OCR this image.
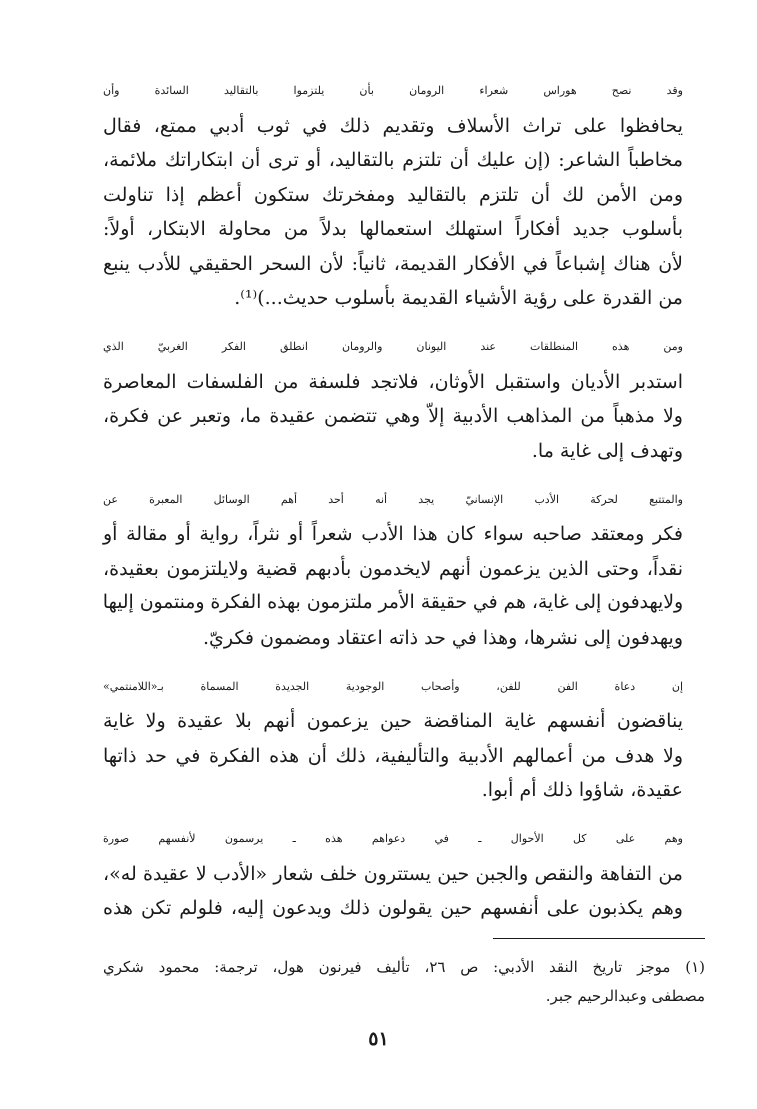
وقد نصح هوراس شعراء الرومان بأن يلتزموا بالتقاليد السائدة وأن
يحافظوا على تراث الأسلاف وتقديم ذلك في ثوب أدبي ممتع، فقال
مخاطباً الشاعر: (إن عليك أن تلتزم بالتقاليد، أو ترى أن ابتكاراتك ملائمة،
ومن الأمن لك أن تلتزم بالتقاليد ومفخرتك ستكون أعظم إذا تناولت
بأسلوب جديد أفكاراً استهلك استعمالها بدلاً من محاولة الابتكار، أولاً:
لأن هناك إشباعاً في الأفكار القديمة، ثانياً: لأن السحر الحقيقي للأدب ينبع
من القدرة على رؤية الأشياء القديمة بأسلوب حديث...)⁽¹⁾.

ومن هذه المنطلقات عند اليونان والرومان انطلق الفكر الغربيّ الذي
استدبر الأديان واستقبل الأوثان، فلاتجد فلسفة من الفلسفات المعاصرة
ولا مذهباً من المذاهب الأدبية إلاّ وهي تتضمن عقيدة ما، وتعبر عن فكرة،
وتهدف إلى غاية ما.

والمتتبع لحركة الأدب الإنسانيّ يجد أنه أحد أهم الوسائل المعبرة عن
فكر ومعتقد صاحبه سواء كان هذا الأدب شعراً أو نثراً، رواية أو مقالة أو
نقداً، وحتى الذين يزعمون أنهم لايخدمون بأدبهم قضية ولايلتزمون بعقيدة،
ولايهدفون إلى غاية، هم في حقيقة الأمر ملتزمون بهذه الفكرة ومنتمون إليها
ويهدفون إلى نشرها، وهذا في حد ذاته اعتقاد ومضمون فكريّ.

إن دعاة الفن للفن، وأصحاب الوجودية الجديدة المسماة بـ«اللامنتمي»
يناقضون أنفسهم غاية المناقضة حين يزعمون أنهم بلا عقيدة ولا غاية
ولا هدف من أعمالهم الأدبية والتأليفية، ذلك أن هذه الفكرة في حد ذاتها
عقيدة، شاؤوا ذلك أم أبوا.

وهم على كل الأحوال ـ في دعواهم هذه ـ يرسمون لأنفسهم صورة
من التفاهة والنقص والجبن حين يستترون خلف شعار «الأدب لا عقيدة له»،
وهم يكذبون على أنفسهم حين يقولون ذلك ويدعون إليه، فلولم تكن هذه

(١) موجز تاريخ النقد الأدبي: ص ٢٦، تأليف فيرنون هول، ترجمة: محمود شكري
مصطفى وعبدالرحيم جبر.
٥١
